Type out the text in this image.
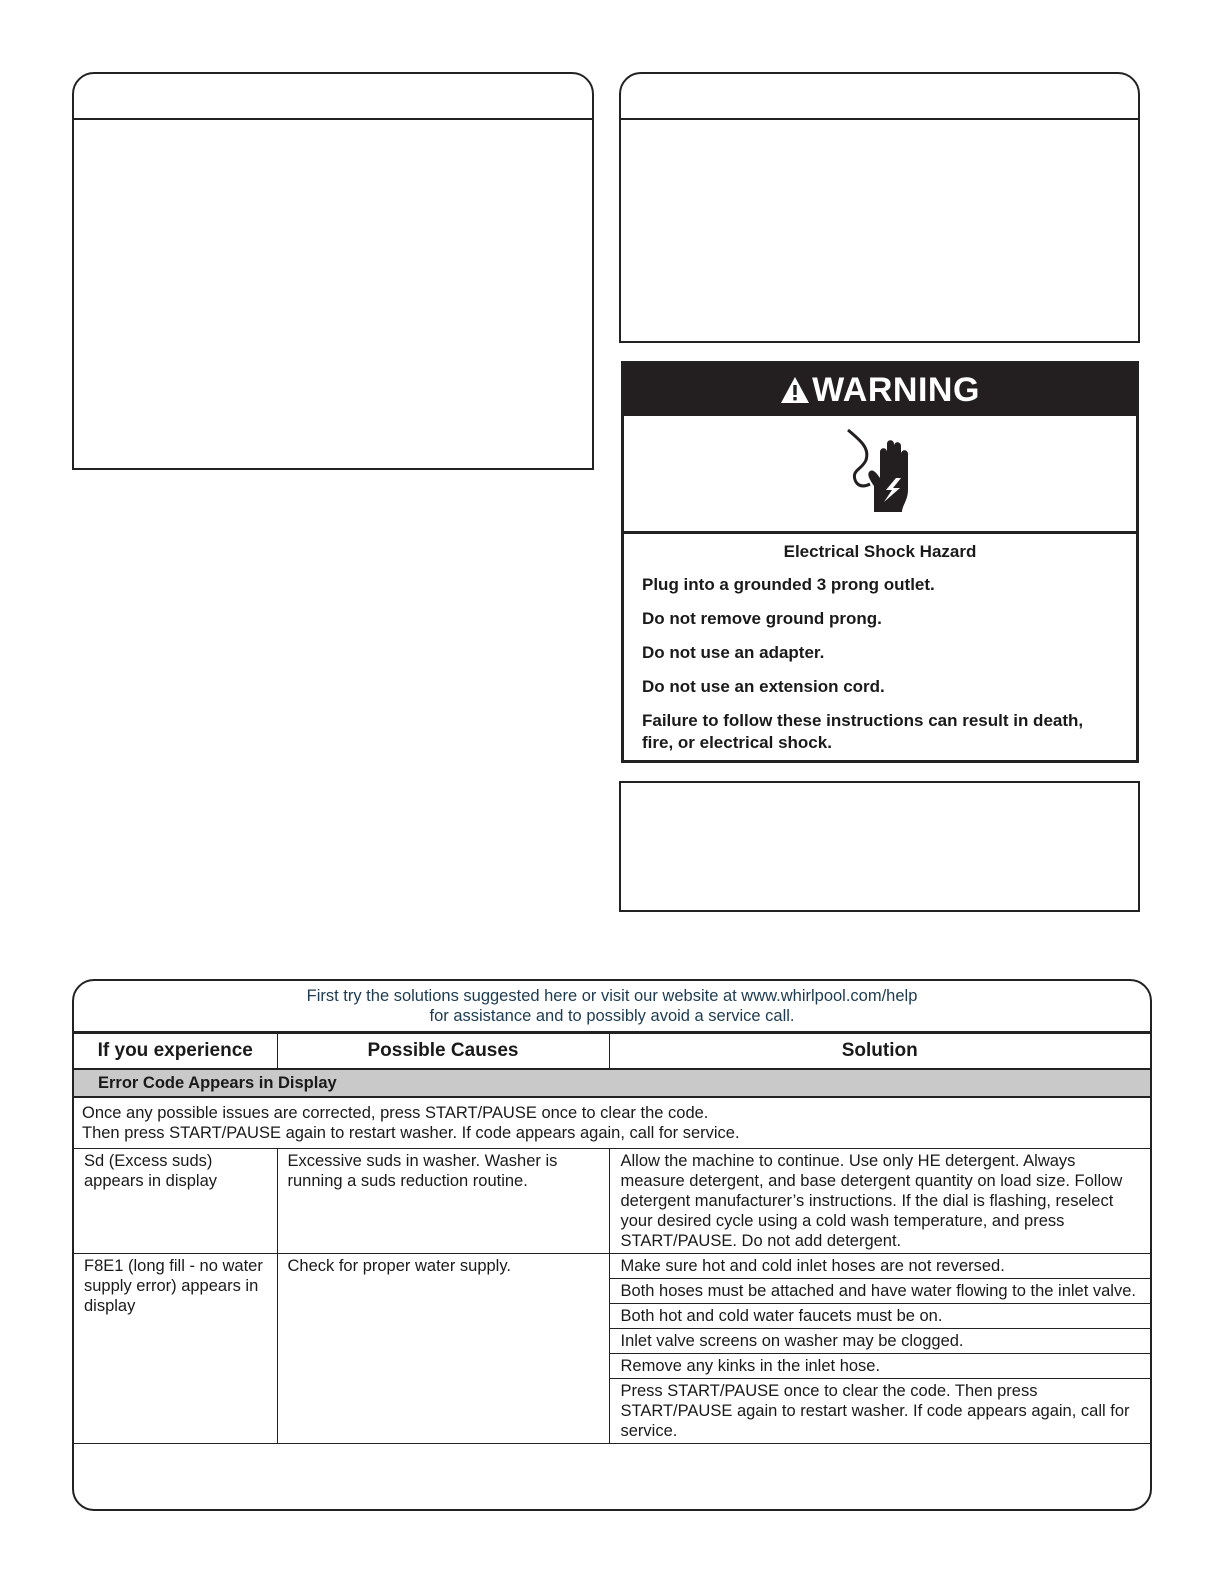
WARNING

Electrical Shock Hazard

Plug into a grounded 3 prong outlet.

Do not remove ground prong.

Do not use an adapter.

Do not use an extension cord.

Failure to follow these instructions can result in death, fire, or electrical shock.

First try the solutions suggested here or visit our website at www.whirlpool.com/help
for assistance and to possibly avoid a service call.
If you experience	Possible Causes	Solution
Error Code Appears in Display		

Once any possible issues are corrected, press START/PAUSE once to clear the code.
Then press START/PAUSE again to restart washer. If code appears again, call for service.		

Sd (Excess suds) appears in display	Excessive suds in washer. Washer is running a suds reduction routine.	Allow the machine to continue. Use only HE detergent. Always measure detergent, and base detergent quantity on load size. Follow detergent manufacturer’s instructions. If the dial is flashing, reselect your desired cycle using a cold wash temperature, and press START/PAUSE. Do not add detergent.
F8E1 (long fill - no water supply error) appears in display	Check for proper water supply.	Make sure hot and cold inlet hoses are not reversed.
		Both hoses must be attached and have water flowing to the inlet valve.
		Both hot and cold water faucets must be on.
		Inlet valve screens on washer may be clogged.
		Remove any kinks in the inlet hose.
		Press START/PAUSE once to clear the code. Then press START/PAUSE again to restart washer. If code appears again, call for service.
